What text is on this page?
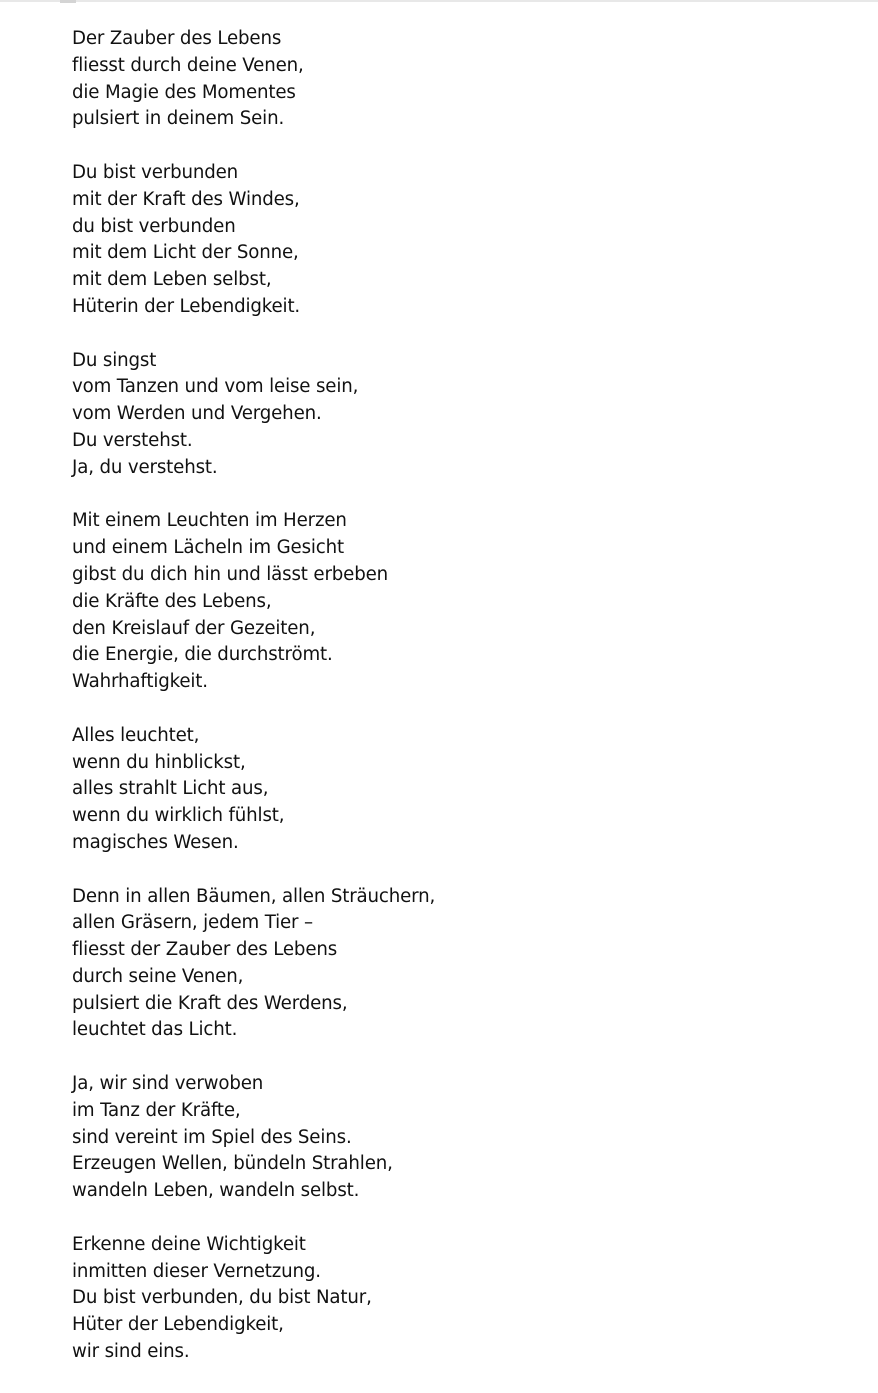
Der Zauber des Lebens
fliesst durch deine Venen,
die Magie des Momentes
pulsiert in deinem Sein.
Du bist verbunden
mit der Kraft des Windes,
du bist verbunden
mit dem Licht der Sonne,
mit dem Leben selbst,
Hüterin der Lebendigkeit.
Du singst
vom Tanzen und vom leise sein,
vom Werden und Vergehen.
Du verstehst.
Ja, du verstehst.
Mit einem Leuchten im Herzen
und einem Lächeln im Gesicht
gibst du dich hin und lässt erbeben
die Kräfte des Lebens,
den Kreislauf der Gezeiten,
die Energie, die durchströmt.
Wahrhaftigkeit.
Alles leuchtet,
wenn du hinblickst,
alles strahlt Licht aus,
wenn du wirklich fühlst,
magisches Wesen.
Denn in allen Bäumen, allen Sträuchern,
allen Gräsern, jedem Tier –
fliesst der Zauber des Lebens
durch seine Venen,
pulsiert die Kraft des Werdens,
leuchtet das Licht.
Ja, wir sind verwoben
im Tanz der Kräfte,
sind vereint im Spiel des Seins.
Erzeugen Wellen, bündeln Strahlen,
wandeln Leben, wandeln selbst.
Erkenne deine Wichtigkeit
inmitten dieser Vernetzung.
Du bist verbunden, du bist Natur,
Hüter der Lebendigkeit,
wir sind eins.
